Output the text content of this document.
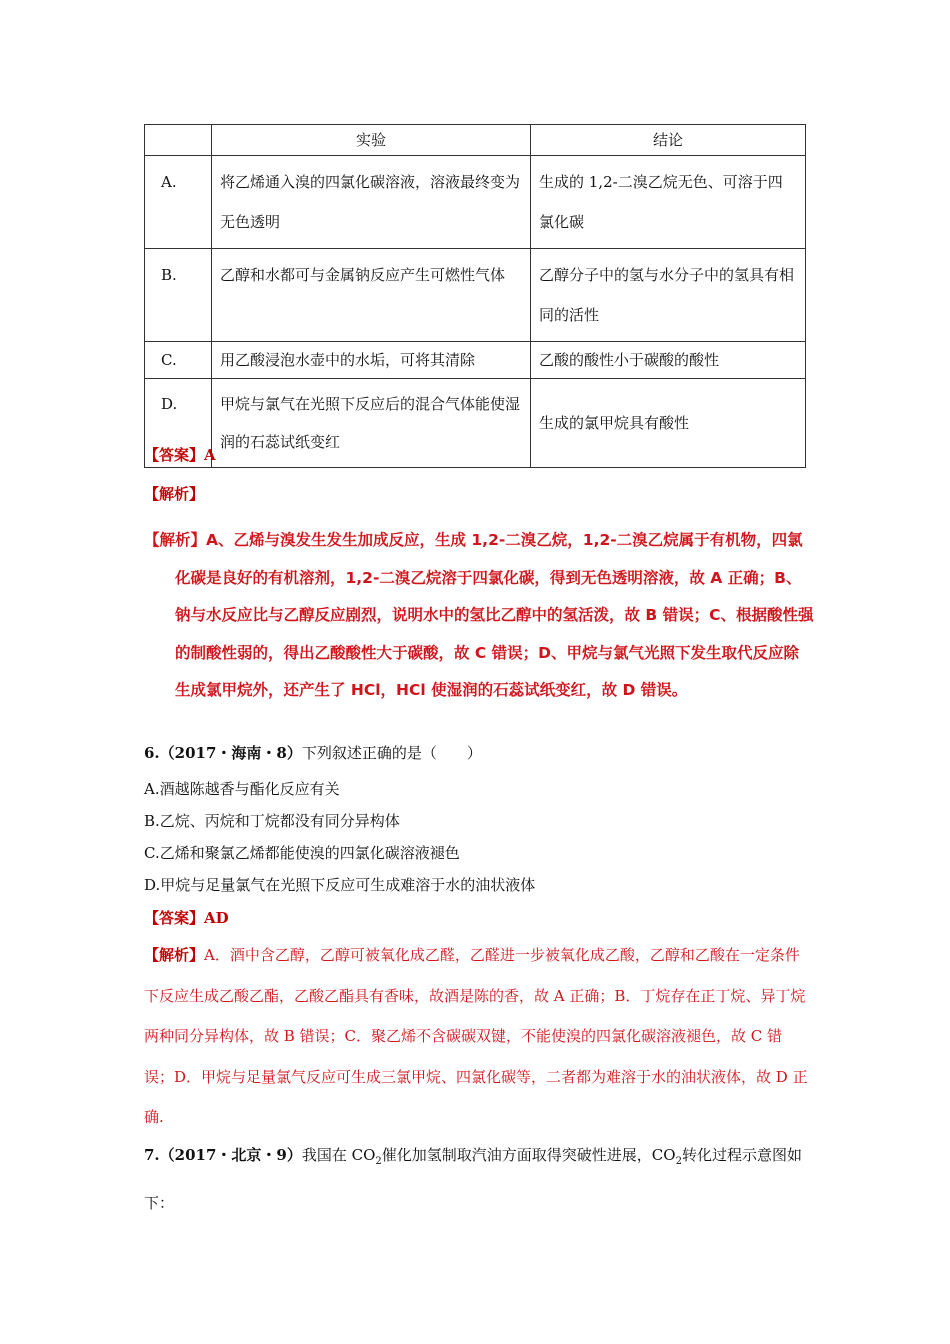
	实验	结论
A.	将乙烯通入溴的四氯化碳溶液，溶液最终变为无色透明	生成的 1,2-二溴乙烷无色、可溶于四氯化碳
B.	乙醇和水都可与金属钠反应产生可燃性气体	乙醇分子中的氢与水分子中的氢具有相同的活性
C.	用乙酸浸泡水壶中的水垢，可将其清除	乙酸的酸性小于碳酸的酸性
D.	甲烷与氯气在光照下反应后的混合气体能使湿润的石蕊试纸变红	生成的氯甲烷具有酸性
【答案】A
【解析】
【解析】A、乙烯与溴发生发生加成反应，生成 1,2-二溴乙烷，1,2-二溴乙烷属于有机物，四氯化碳是良好的有机溶剂，1,2-二溴乙烷溶于四氯化碳，得到无色透明溶液，故 A 正确；B、钠与水反应比与乙醇反应剧烈，说明水中的氢比乙醇中的氢活泼，故 B 错误；C、根据酸性强的制酸性弱的，得出乙酸酸性大于碳酸，故 C 错误；D、甲烷与氯气光照下发生取代反应除生成氯甲烷外，还产生了 HCl，HCl 使湿润的石蕊试纸变红，故 D 错误。
6.（2017・海南・8）下列叙述正确的是（　　）
A.酒越陈越香与酯化反应有关
B.乙烷、丙烷和丁烷都没有同分异构体
C.乙烯和聚氯乙烯都能使溴的四氯化碳溶液褪色
D.甲烷与足量氯气在光照下反应可生成难溶于水的油状液体
【答案】AD
【解析】A．酒中含乙醇，乙醇可被氧化成乙醛，乙醛进一步被氧化成乙酸，乙醇和乙酸在一定条件下反应生成乙酸乙酯，乙酸乙酯具有香味，故酒是陈的香，故 A 正确；B．丁烷存在正丁烷、异丁烷两种同分异构体，故 B 错误；C．聚乙烯不含碳碳双键，不能使溴的四氯化碳溶液褪色，故 C 错误；D．甲烷与足量氯气反应可生成三氯甲烷、四氯化碳等，二者都为难溶于水的油状液体，故 D 正确.
7.（2017・北京・9）我国在 $CO_2$催化加氢制取汽油方面取得突破性进展，$CO_2$转化过程示意图如下：
